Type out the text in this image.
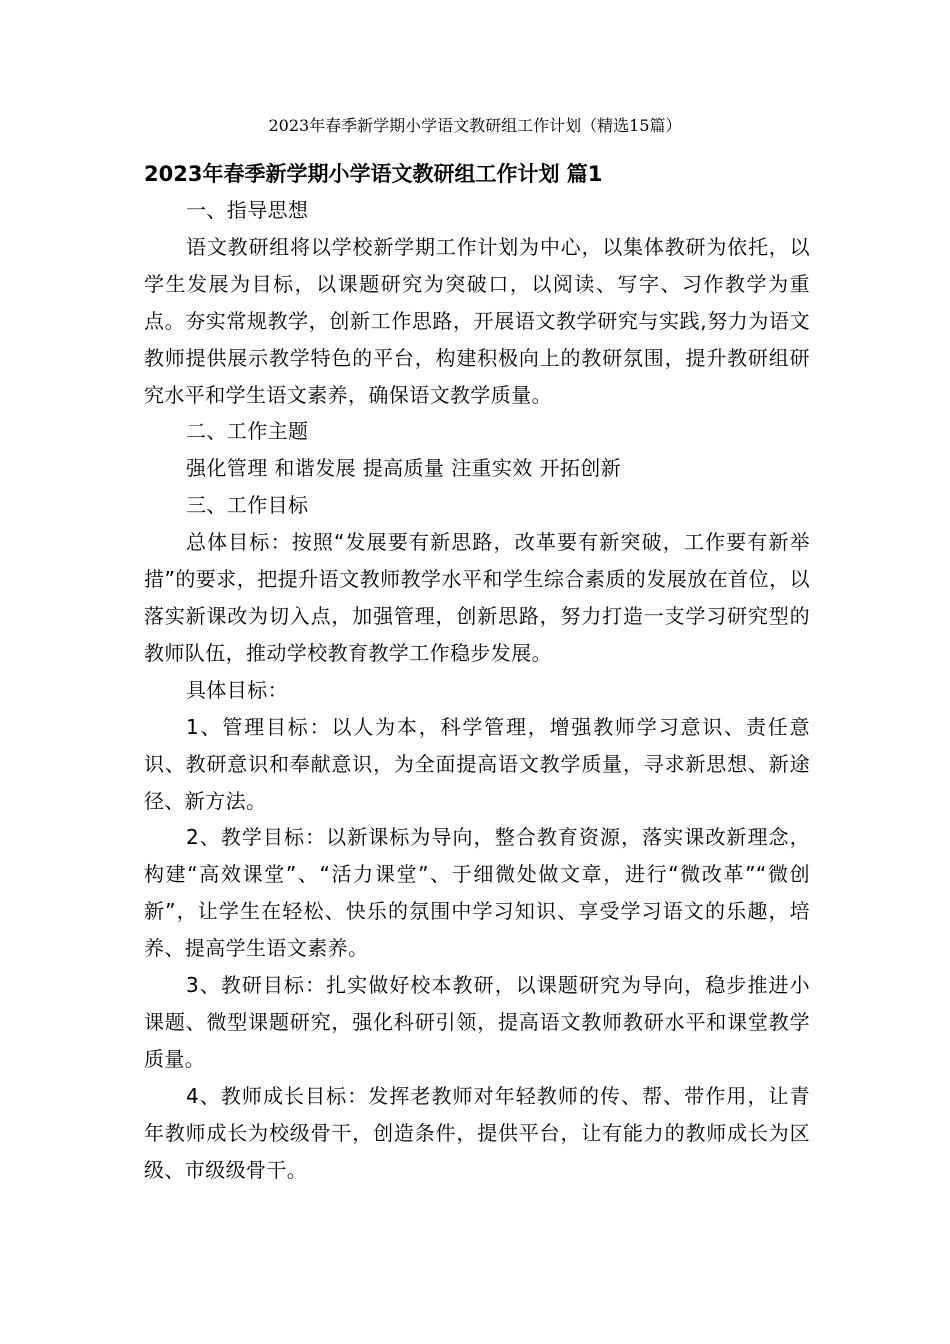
2023年春季新学期小学语文教研组工作计划（精选15篇）
2023年春季新学期小学语文教研组工作计划 篇1

一、指导思想

语文教研组将以学校新学期工作计划为中心，以集体教研为依托，以学生发展为目标，以课题研究为突破口，以阅读、写字、习作教学为重点。夯实常规教学，创新工作思路，开展语文教学研究与实践,努力为语文教师提供展示教学特色的平台，构建积极向上的教研氛围，提升教研组研究水平和学生语文素养，确保语文教学质量。

二、工作主题

强化管理 和谐发展 提高质量 注重实效 开拓创新

三、工作目标

总体目标：按照“发展要有新思路，改革要有新突破，工作要有新举措”的要求，把提升语文教师教学水平和学生综合素质的发展放在首位，以落实新课改为切入点，加强管理，创新思路，努力打造一支学习研究型的教师队伍，推动学校教育教学工作稳步发展。

具体目标：

1、管理目标：以人为本，科学管理，增强教师学习意识、责任意识、教研意识和奉献意识，为全面提高语文教学质量，寻求新思想、新途径、新方法。

2、教学目标：以新课标为导向，整合教育资源，落实课改新理念，构建“高效课堂”、“活力课堂”、于细微处做文章，进行“微改革”“微创新”，让学生在轻松、快乐的氛围中学习知识、享受学习语文的乐趣，培养、提高学生语文素养。

3、教研目标：扎实做好校本教研，以课题研究为导向，稳步推进小课题、微型课题研究，强化科研引领，提高语文教师教研水平和课堂教学质量。

4、教师成长目标：发挥老教师对年轻教师的传、帮、带作用，让青年教师成长为校级骨干，创造条件，提供平台，让有能力的教师成长为区级、市级级骨干。
